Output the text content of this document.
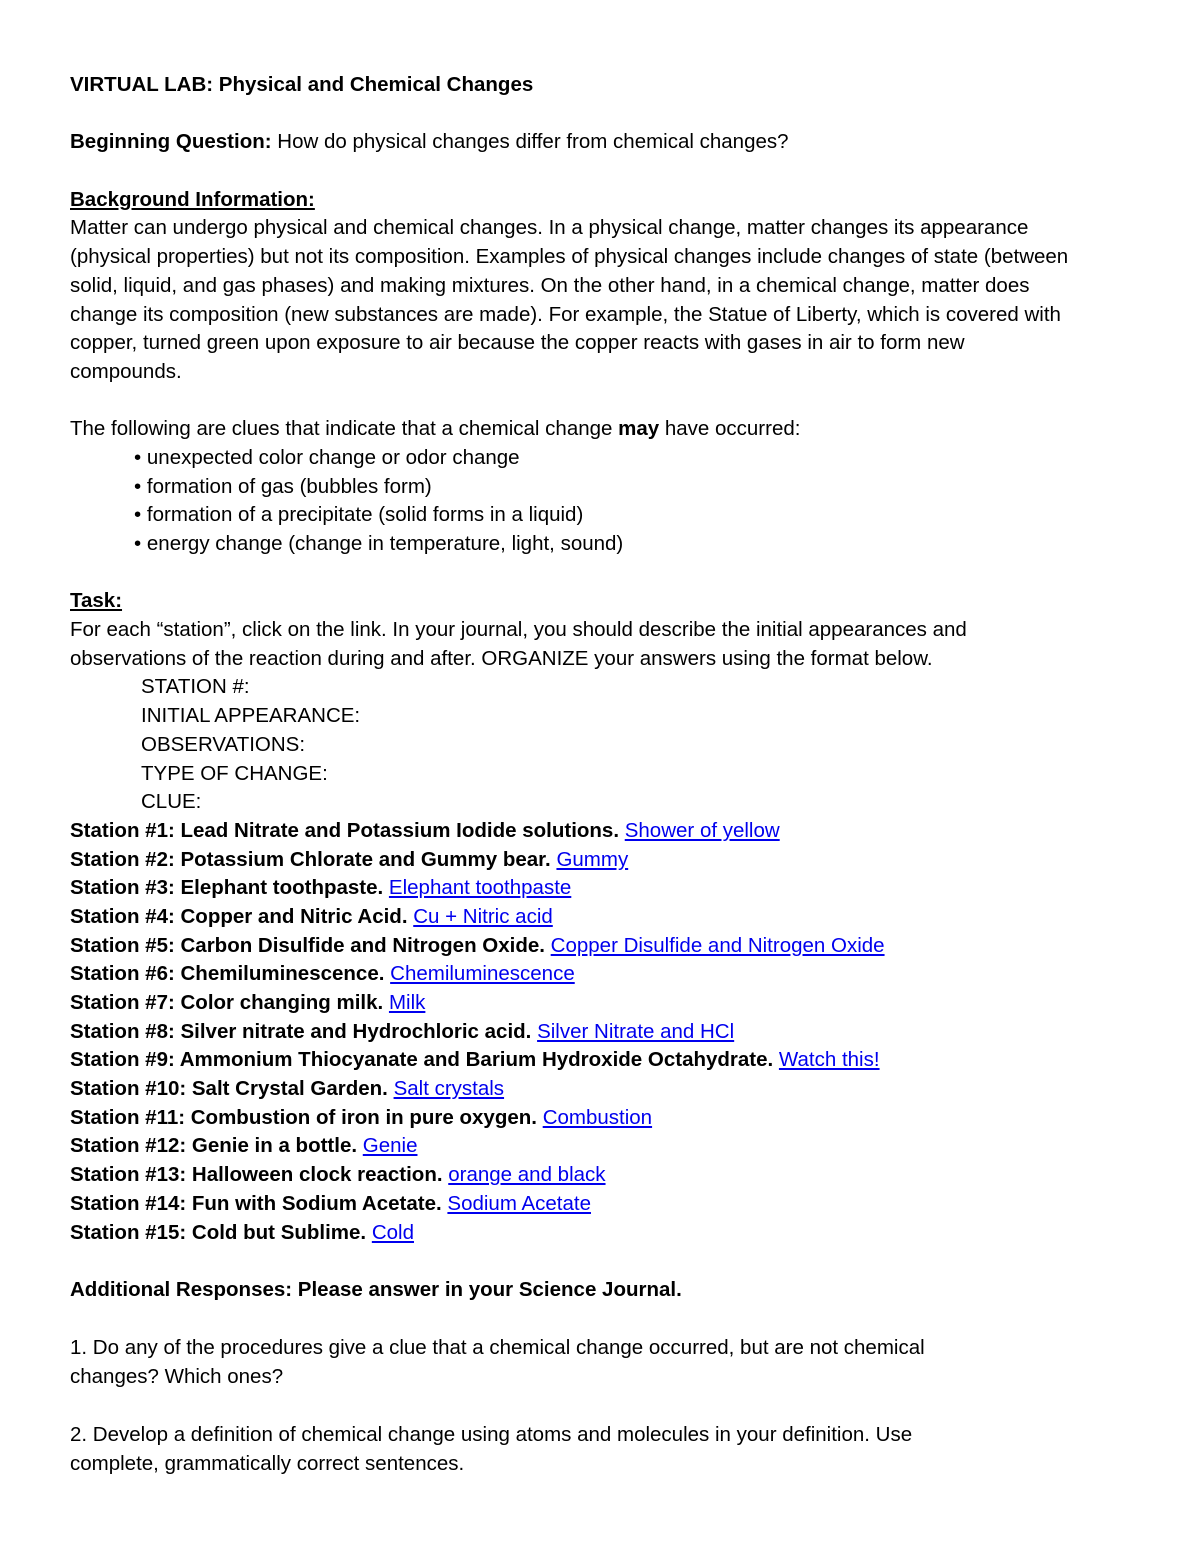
VIRTUAL LAB: Physical and Chemical Changes
Beginning Question: How do physical changes differ from chemical changes?
Background Information:
Matter can undergo physical and chemical changes. In a physical change, matter changes its appearance
(physical properties) but not its composition. Examples of physical changes include changes of state (between
solid, liquid, and gas phases) and making mixtures. On the other hand, in a chemical change, matter does
change its composition (new substances are made). For example, the Statue of Liberty, which is covered with
copper, turned green upon exposure to air because the copper reacts with gases in air to form new
compounds.
The following are clues that indicate that a chemical change may have occurred:
• unexpected color change or odor change
• formation of gas (bubbles form)
• formation of a precipitate (solid forms in a liquid)
• energy change (change in temperature, light, sound)
Task:
For each “station”, click on the link. In your journal, you should describe the initial appearances and
observations of the reaction during and after. ORGANIZE your answers using the format below.
STATION #:
INITIAL APPEARANCE:
OBSERVATIONS:
TYPE OF CHANGE:
CLUE:
Station #1: Lead Nitrate and Potassium Iodide solutions. Shower of yellow
Station #2: Potassium Chlorate and Gummy bear. Gummy
Station #3: Elephant toothpaste. Elephant toothpaste
Station #4: Copper and Nitric Acid. Cu + Nitric acid
Station #5: Carbon Disulfide and Nitrogen Oxide. Copper Disulfide and Nitrogen Oxide
Station #6: Chemiluminescence. Chemiluminescence
Station #7: Color changing milk. Milk
Station #8: Silver nitrate and Hydrochloric acid. Silver Nitrate and HCl
Station #9: Ammonium Thiocyanate and Barium Hydroxide Octahydrate. Watch this!
Station #10: Salt Crystal Garden. Salt crystals
Station #11: Combustion of iron in pure oxygen. Combustion
Station #12: Genie in a bottle. Genie
Station #13: Halloween clock reaction. orange and black
Station #14: Fun with Sodium Acetate. Sodium Acetate
Station #15: Cold but Sublime. Cold
Additional Responses: Please answer in your Science Journal.
1. Do any of the procedures give a clue that a chemical change occurred, but are not chemical
changes? Which ones?
2. Develop a definition of chemical change using atoms and molecules in your definition. Use
complete, grammatically correct sentences.
